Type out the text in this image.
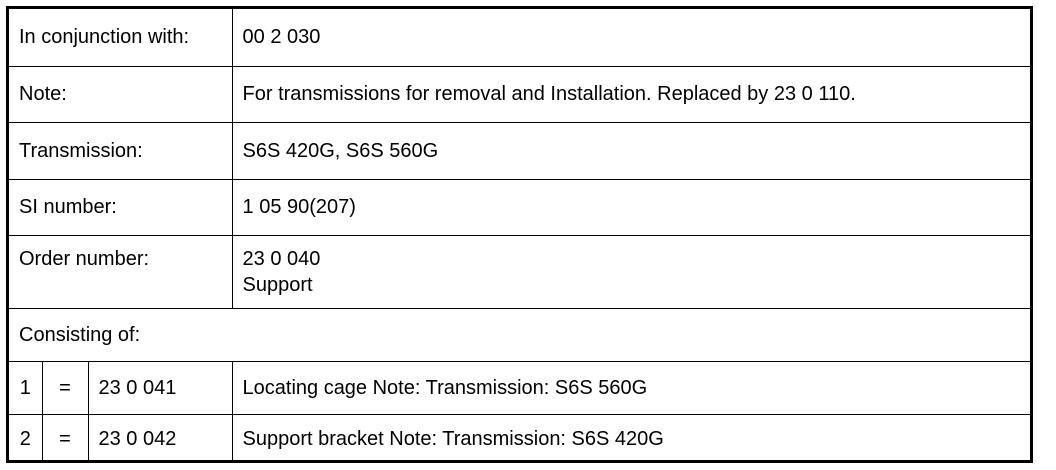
In conjunction with:			00 2 030
Note:			For transmissions for removal and Installation. Replaced by 23 0 110.
Transmission:			S6S 420G, S6S 560G
SI number:			1 05 90(207)
Order number:			23 0 040
Support
Consisting of:			
1	=	23 0 041	Locating cage Note: Transmission: S6S 560G
2	=	23 0 042	Support bracket Note: Transmission: S6S 420G
